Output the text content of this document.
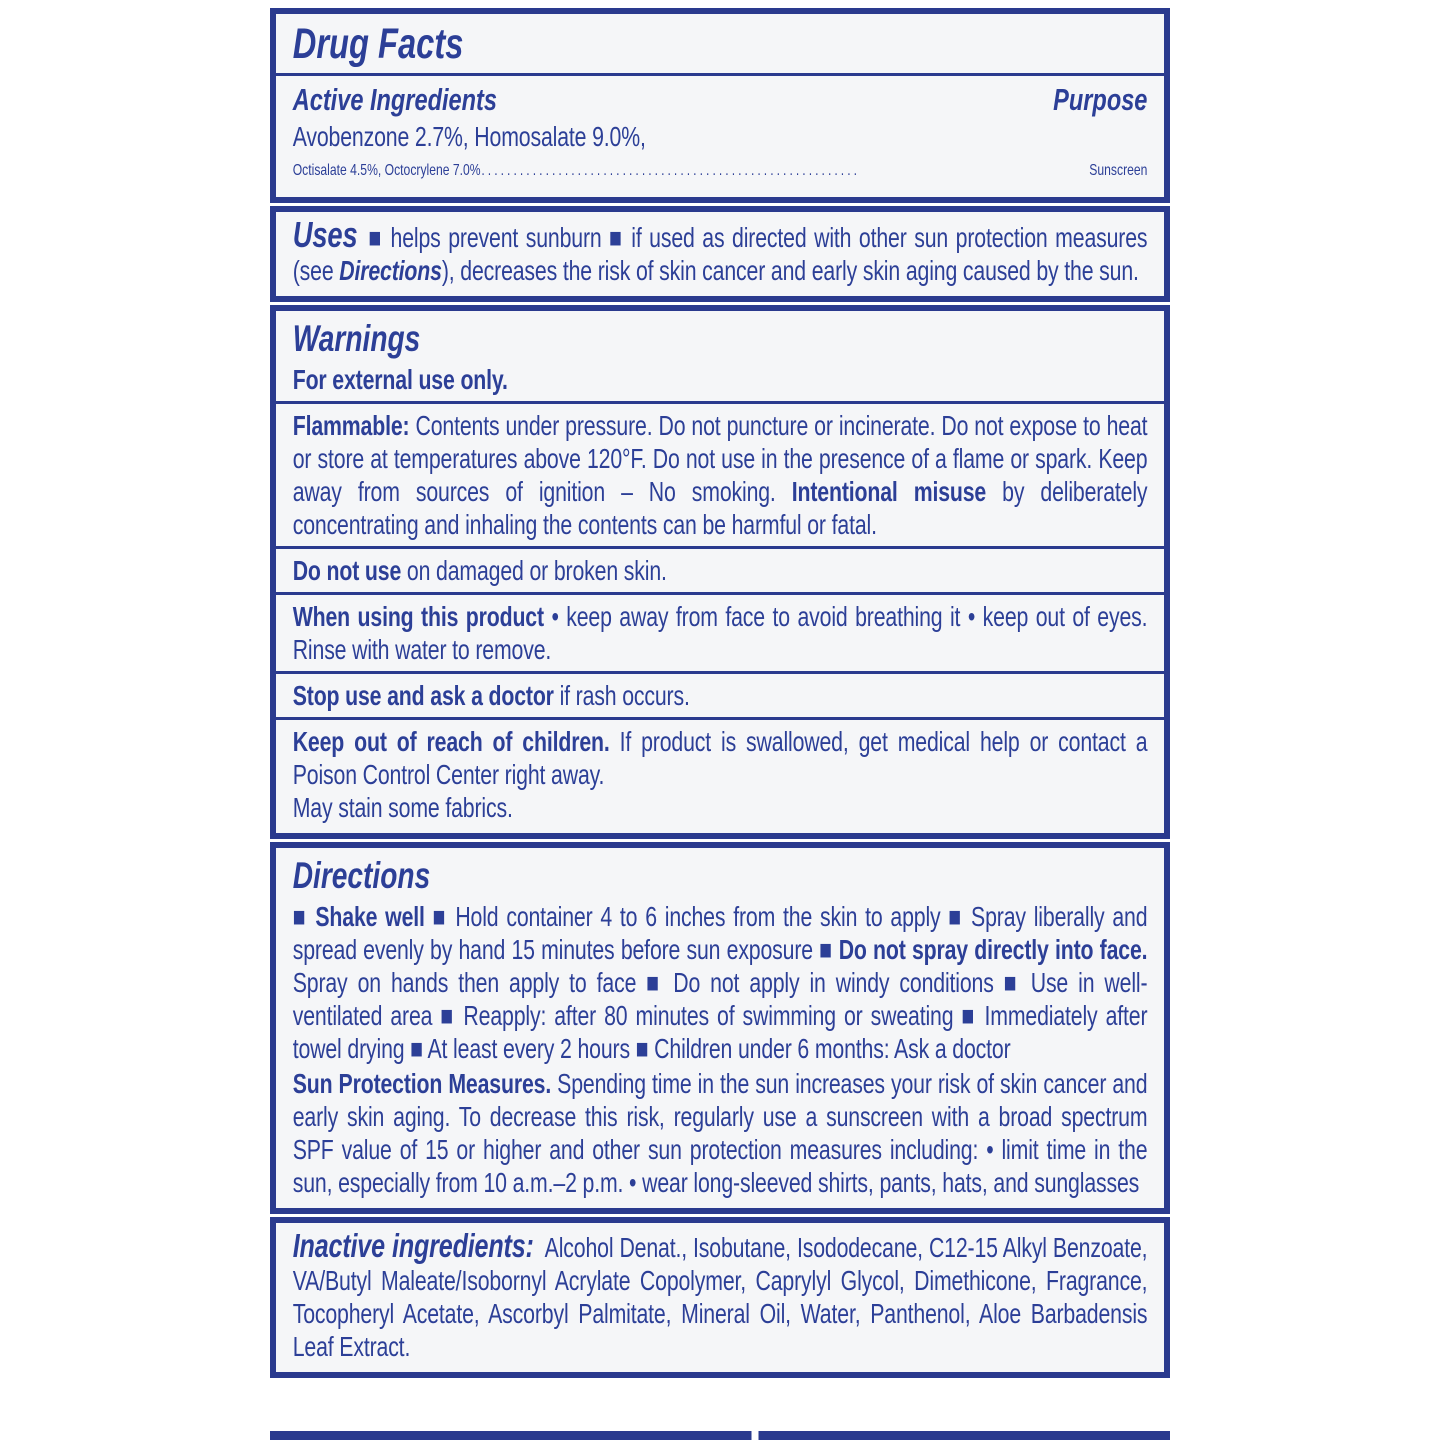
Drug Facts
Active Ingredients	Purpose

Avobenzone 2.7%, Homosalate 9.0%,

Octisalate 4.5%, Octocrylene 7.0% ...........................................................	Sunscreen

Uses ■ helps prevent sunburn ■ if used as directed with other sun protection measures (see Directions), decreases the risk of skin cancer and early skin aging caused by the sun.

Warnings

For external use only.

Flammable: Contents under pressure. Do not puncture or incinerate. Do not expose to heat or store at temperatures above 120°F. Do not use in the presence of a flame or spark. Keep away from sources of ignition – No smoking. Intentional misuse by deliberately concentrating and inhaling the contents can be harmful or fatal.

Do not use on damaged or broken skin.

When using this product • keep away from face to avoid breathing it • keep out of eyes. Rinse with water to remove.

Stop use and ask a doctor if rash occurs.

Keep out of reach of children. If product is swallowed, get medical help or contact a Poison Control Center right away.

May stain some fabrics.

Directions

■ Shake well ■ Hold container 4 to 6 inches from the skin to apply ■ Spray liberally and spread evenly by hand 15 minutes before sun exposure ■ Do not spray directly into face. Spray on hands then apply to face ■ Do not apply in windy conditions ■ Use in well-ventilated area ■ Reapply: after 80 minutes of swimming or sweating ■ Immediately after towel drying ■ At least every 2 hours ■ Children under 6 months: Ask a doctor

Sun Protection Measures. Spending time in the sun increases your risk of skin cancer and early skin aging. To decrease this risk, regularly use a sunscreen with a broad spectrum SPF value of 15 or higher and other sun protection measures including: • limit time in the sun, especially from 10 a.m.–2 p.m. • wear long-sleeved shirts, pants, hats, and sunglasses

Inactive ingredients: Alcohol Denat., Isobutane, Isododecane, C12-15 Alkyl Benzoate, VA/Butyl Maleate/Isobornyl Acrylate Copolymer, Caprylyl Glycol, Dimethicone, Fragrance, Tocopheryl Acetate, Ascorbyl Palmitate, Mineral Oil, Water, Panthenol, Aloe Barbadensis Leaf Extract.
